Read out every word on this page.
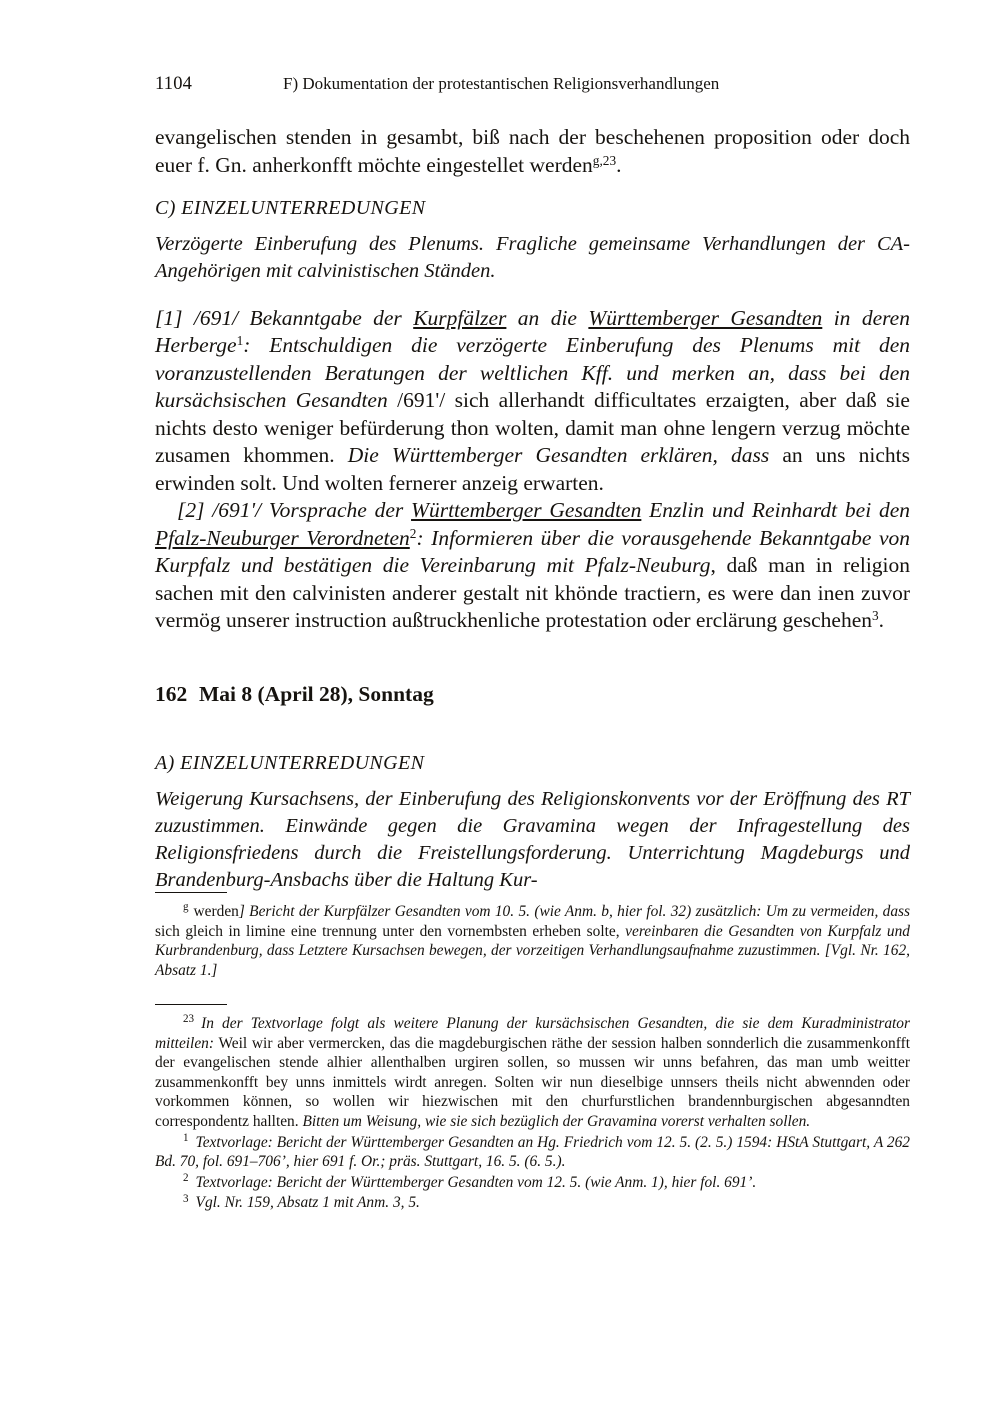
1104	F) Dokumentation der protestantischen Religionsverhandlungen

evangelischen stenden in gesambt, biß nach der beschehenen proposition oder doch euer f. Gn. anherkonfft möchte eingestellet werden$^{g,23}$.

C) EINZELUNTERREDUNGEN

Verzögerte Einberufung des Plenums. Fragliche gemeinsame Verhandlungen der CA-Angehörigen mit calvinistischen Ständen.

[1] /691/ Bekanntgabe der Kurpfälzer an die Württemberger Gesandten in deren Herberge$^1$: Entschuldigen die verzögerte Einberufung des Plenums mit den voranzustellenden Beratungen der weltlichen Kff. und merken an, dass bei den kursächsischen Gesandten /691'/ sich allerhandt difficultates erzaigten, aber daß sie nichts desto weniger befürderung thon wolten, damit man ohne lengern verzug möchte zusamen khommen. Die Württemberger Gesandten erklären, dass an uns nichts erwinden solt. Und wolten fernerer anzeig erwarten.

[2] /691'/ Vorsprache der Württemberger Gesandten Enzlin und Reinhardt bei den Pfalz-Neuburger Verordneten$^2$: Informieren über die vorausgehende Bekanntgabe von Kurpfalz und bestätigen die Vereinbarung mit Pfalz-Neuburg, daß man in religion sachen mit den calvinisten anderer gestalt nit khönde tractiern, es were dan inen zuvor vermög unserer instruction außtruckhenliche protestation oder erclärung geschehen$^3$.

162 Mai 8 (April 28), Sonntag
A) EINZELUNTERREDUNGEN

Weigerung Kursachsens, der Einberufung des Religionskonvents vor der Eröffnung des RT zuzustimmen. Einwände gegen die Gravamina wegen der Infragestellung des Religionsfriedens durch die Freistellungsforderung. Unterrichtung Magdeburgs und Brandenburg-Ansbachs über die Haltung Kur-

$^g$ werden] Bericht der Kurpfälzer Gesandten vom 10. 5. (wie Anm. b, hier fol. 32) zusätzlich: Um zu vermeiden, dass sich gleich in limine eine trennung unter den vornembsten erheben solte, vereinbaren die Gesandten von Kurpfalz und Kurbrandenburg, dass Letztere Kursachsen bewegen, der vorzeitigen Verhandlungsaufnahme zuzustimmen. [Vgl. Nr. 162, Absatz 1.]

$^{23}$ In der Textvorlage folgt als weitere Planung der kursächsischen Gesandten, die sie dem Kuradministrator mitteilen: Weil wir aber vermercken, das die magdeburgischen räthe der session halben sonnderlich die zusammenkonfft der evangelischen stende alhier allenthalben urgiren sollen, so mussen wir unns befahren, das man umb weitter zusammenkonfft bey unns inmittels wirdt anregen. Solten wir nun dieselbige unnsers theils nicht abwennden oder vorkommen können, so wollen wir hiezwischen mit den churfurstlichen brandennburgischen abgesanndten correspondentz hallten. Bitten um Weisung, wie sie sich bezüglich der Gravamina vorerst verhalten sollen.

$^1$ Textvorlage: Bericht der Württemberger Gesandten an Hg. Friedrich vom 12. 5. (2. 5.) 1594: HStA Stuttgart, A 262 Bd. 70, fol. 691–706’, hier 691 f. Or.; präs. Stuttgart, 16. 5. (6. 5.).

$^2$ Textvorlage: Bericht der Württemberger Gesandten vom 12. 5. (wie Anm. 1), hier fol. 691’.

$^3$ Vgl. Nr. 159, Absatz 1 mit Anm. 3, 5.
